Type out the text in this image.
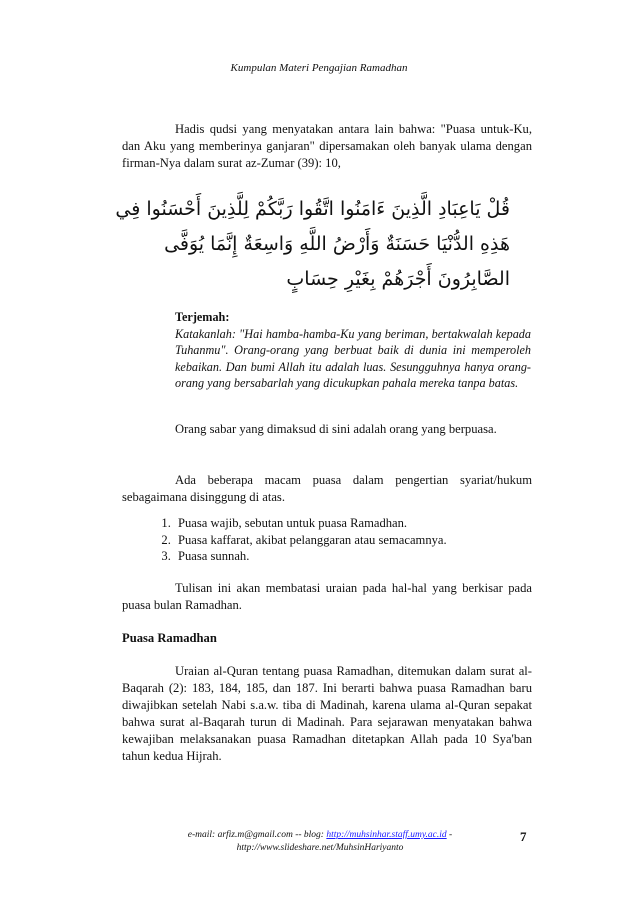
Kumpulan Materi Pengajian Ramadhan

Hadis qudsi yang menyatakan antara lain bahwa: "Puasa untuk-Ku, dan Aku yang memberinya ganjaran" dipersamakan oleh banyak ulama dengan firman-Nya dalam surat az-Zumar (39): 10,

قُلْ يَاعِبَادِ الَّذِينَ ءَامَنُوا اتَّقُوا رَبَّكُمْ لِلَّذِينَ أَحْسَنُوا فِي
هَذِهِ الدُّنْيَا حَسَنَةٌ وَأَرْضُ اللَّهِ وَاسِعَةٌ إِنَّمَا يُوَفَّى
الصَّابِرُونَ أَجْرَهُمْ بِغَيْرِ حِسَابٍ
Terjemah:

Katakanlah: "Hai hamba-hamba-Ku yang beriman, bertakwalah kepada Tuhanmu". Orang-orang yang berbuat baik di dunia ini memperoleh kebaikan. Dan bumi Allah itu adalah luas. Sesungguhnya hanya orang-orang yang bersabarlah yang dicukupkan pahala mereka tanpa batas.

Orang sabar yang dimaksud di sini adalah orang yang berpuasa.

Ada beberapa macam puasa dalam pengertian syariat/hukum sebagaimana disinggung di atas.

1. Puasa wajib, sebutan untuk puasa Ramadhan.
2. Puasa kaffarat, akibat pelanggaran atau semacamnya.
3. Puasa sunnah.

Tulisan ini akan membatasi uraian pada hal-hal yang berkisar pada puasa bulan Ramadhan.

Puasa Ramadhan

Uraian al-Quran tentang puasa Ramadhan, ditemukan dalam surat al-Baqarah (2): 183, 184, 185, dan 187. Ini berarti bahwa puasa Ramadhan baru diwajibkan setelah Nabi s.a.w. tiba di Madinah, karena ulama al-Quran sepakat bahwa surat al-Baqarah turun di Madinah. Para sejarawan menyatakan bahwa kewajiban melaksanakan puasa Ramadhan ditetapkan Allah pada 10 Sya'ban tahun kedua Hijrah.

e-mail: arfiz.m@gmail.com -- blog: http://muhsinhar.staff.umy.ac.id -
http://www.slideshare.net/MuhsinHariyanto
7
